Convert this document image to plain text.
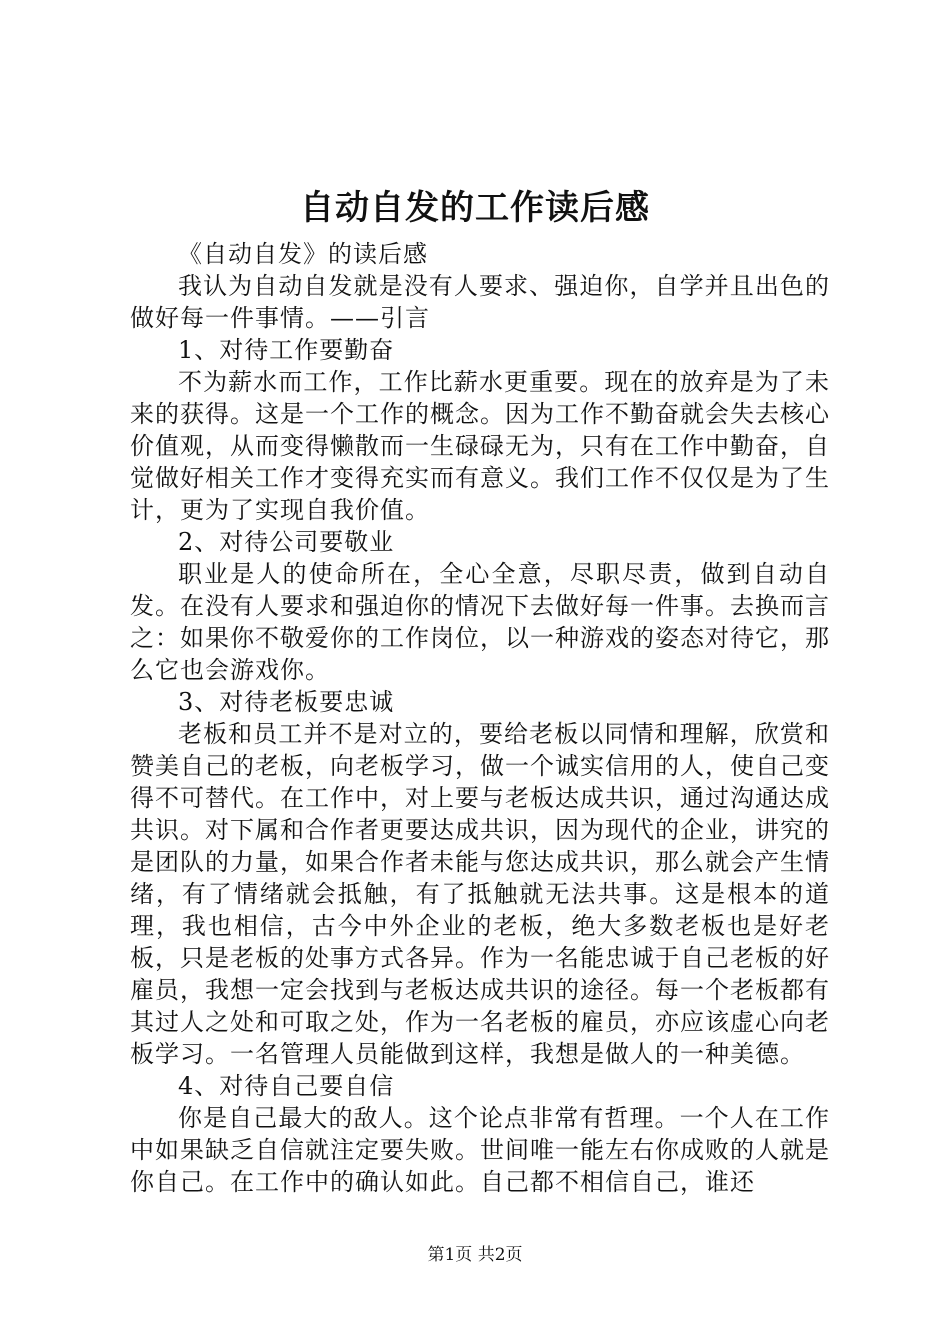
自动自发的工作读后感

《自动自发》的读后感

我认为自动自发就是没有人要求、强迫你，自学并且出色的做好每一件事情。——引言

1、对待工作要勤奋

不为薪水而工作，工作比薪水更重要。现在的放弃是为了未来的获得。这是一个工作的概念。因为工作不勤奋就会失去核心价值观，从而变得懒散而一生碌碌无为，只有在工作中勤奋，自觉做好相关工作才变得充实而有意义。我们工作不仅仅是为了生计，更为了实现自我价值。

2、对待公司要敬业

职业是人的使命所在，全心全意，尽职尽责，做到自动自发。在没有人要求和强迫你的情况下去做好每一件事。去换而言之：如果你不敬爱你的工作岗位，以一种游戏的姿态对待它，那么它也会游戏你。

3、对待老板要忠诚

老板和员工并不是对立的，要给老板以同情和理解，欣赏和赞美自己的老板，向老板学习，做一个诚实信用的人，使自己变得不可替代。在工作中，对上要与老板达成共识，通过沟通达成共识。对下属和合作者更要达成共识，因为现代的企业，讲究的是团队的力量，如果合作者未能与您达成共识，那么就会产生情绪，有了情绪就会抵触，有了抵触就无法共事。这是根本的道理，我也相信，古今中外企业的老板，绝大多数老板也是好老板，只是老板的处事方式各异。作为一名能忠诚于自己老板的好雇员，我想一定会找到与老板达成共识的途径。每一个老板都有其过人之处和可取之处，作为一名老板的雇员，亦应该虚心向老板学习。一名管理人员能做到这样，我想是做人的一种美德。

4、对待自己要自信

你是自己最大的敌人。这个论点非常有哲理。一个人在工作中如果缺乏自信就注定要失败。世间唯一能左右你成败的人就是你自己。在工作中的确认如此。自己都不相信自己，谁还

第1页 共2页
